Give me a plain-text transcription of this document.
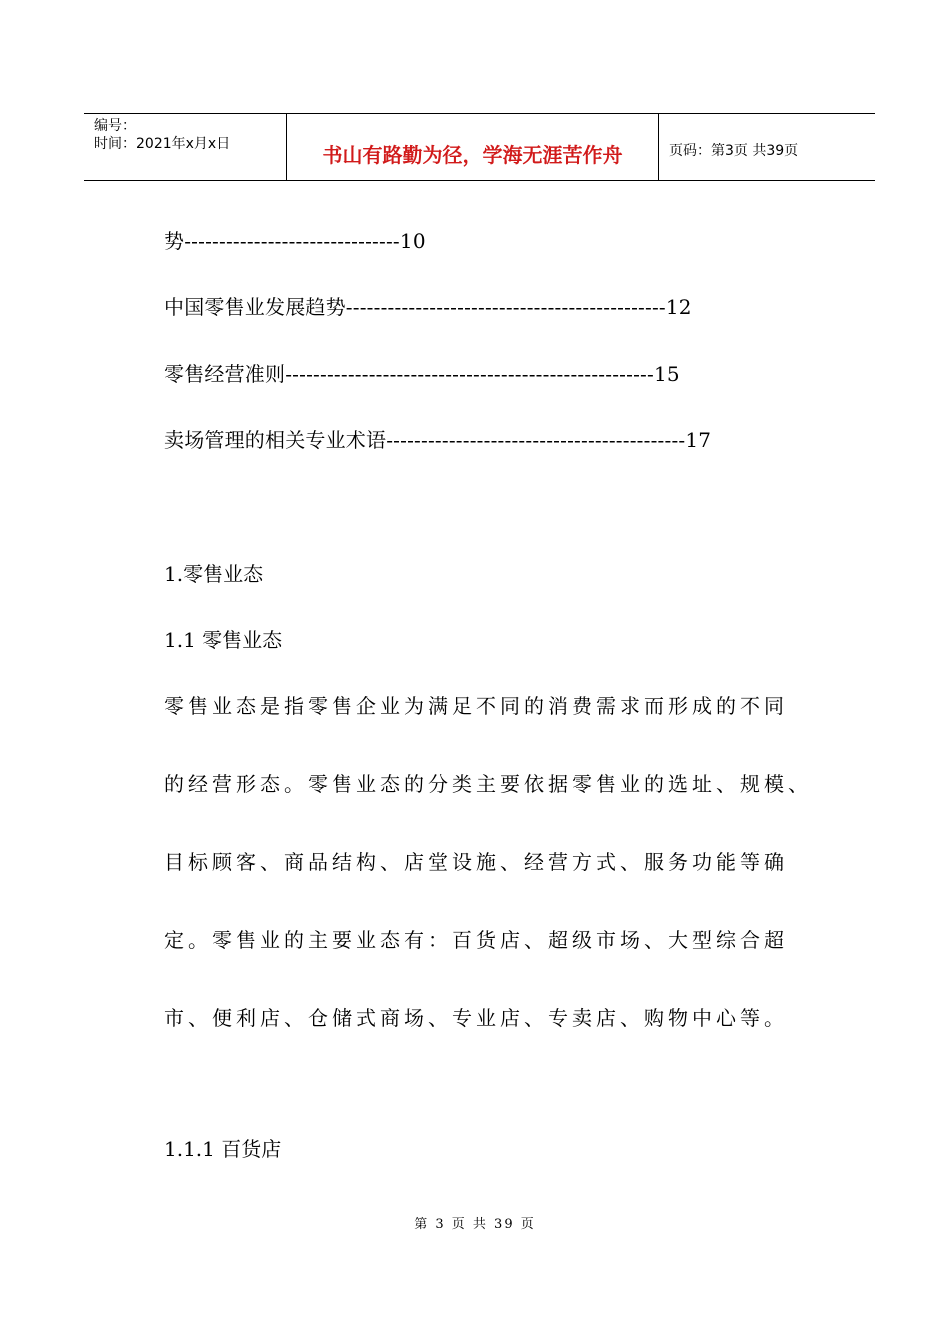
编号：
时间：2021年x月x日	书山有路勤为径，学海无涯苦作舟	页码：第3页 共39页
势-------------------------------10
中国零售业发展趋势----------------------------------------------12
零售经营准则-----------------------------------------------------15
卖场管理的相关专业术语-------------------------------------------17
1.零售业态
1.1 零售业态
零售业态是指零售企业为满足不同的消费需求而形成的不同
的经营形态。零售业态的分类主要依据零售业的选址、规模、
目标顾客、商品结构、店堂设施、经营方式、服务功能等确
定。零售业的主要业态有：百货店、超级市场、大型综合超
市、便利店、仓储式商场、专业店、专卖店、购物中心等。
1.1.1 百货店
第 3 页 共 39 页
